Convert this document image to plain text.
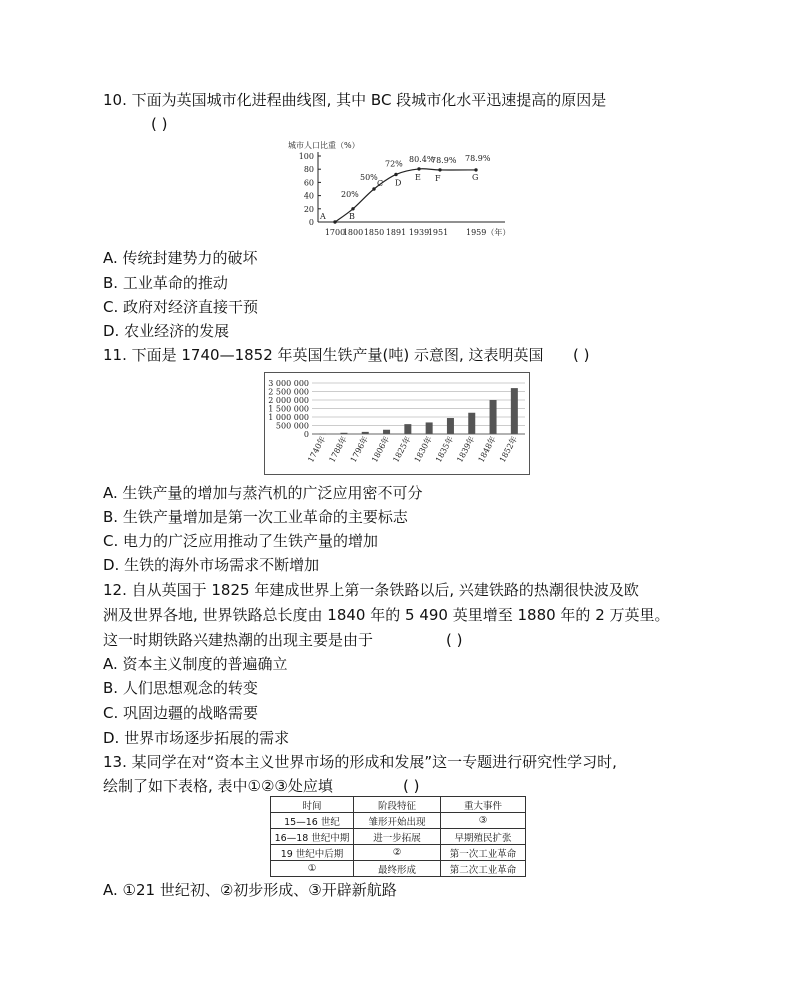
10. 下面为英国城市化进程曲线图, 其中 BC 段城市化水平迅速提高的原因是
( )
城市人口比重（%）
0
20
40
60
80
100
1700
1800 1850 1891 1939
1951 1959（年）
A	B
20%
C
50%
D
72%
E
80.4%
F
78.9%
G
78.9%
A. 传统封建势力的破坏
B. 工业革命的推动
C. 政府对经济直接干预
D. 农业经济的发展
11. 下面是 1740—1852 年英国生铁产量(吨) 示意图, 这表明英国 ( )
0
500 000
1 000 000
1 500 000
2 000 000
2 500 000
3 000 000
1740年 1788年 1796年 1806年 1825年 1830年 1835年 1839年 1848年 1852年
A. 生铁产量的增加与蒸汽机的广泛应用密不可分
B. 生铁产量增加是第一次工业革命的主要标志
C. 电力的广泛应用推动了生铁产量的增加
D. 生铁的海外市场需求不断增加
12. 自从英国于 1825 年建成世界上第一条铁路以后, 兴建铁路的热潮很快波及欧
洲及世界各地, 世界铁路总长度由 1840 年的 5 490 英里增至 1880 年的 2 万英里。
这一时期铁路兴建热潮的出现主要是由于	( )
A. 资本主义制度的普遍确立
B. 人们思想观念的转变
C. 巩固边疆的战略需要
D. 世界市场逐步拓展的需求
13. 某同学在对“资本主义世界市场的形成和发展”这一专题进行研究性学习时,
绘制了如下表格, 表中①②③处应填	( )
时间	阶段特征	重大事件
15—16 世纪	雏形开始出现	③
16—18 世纪中期	进一步拓展	早期殖民扩张
19 世纪中后期	②	第一次工业革命
①	最终形成	第二次工业革命
A. ①21 世纪初、②初步形成、③开辟新航路
